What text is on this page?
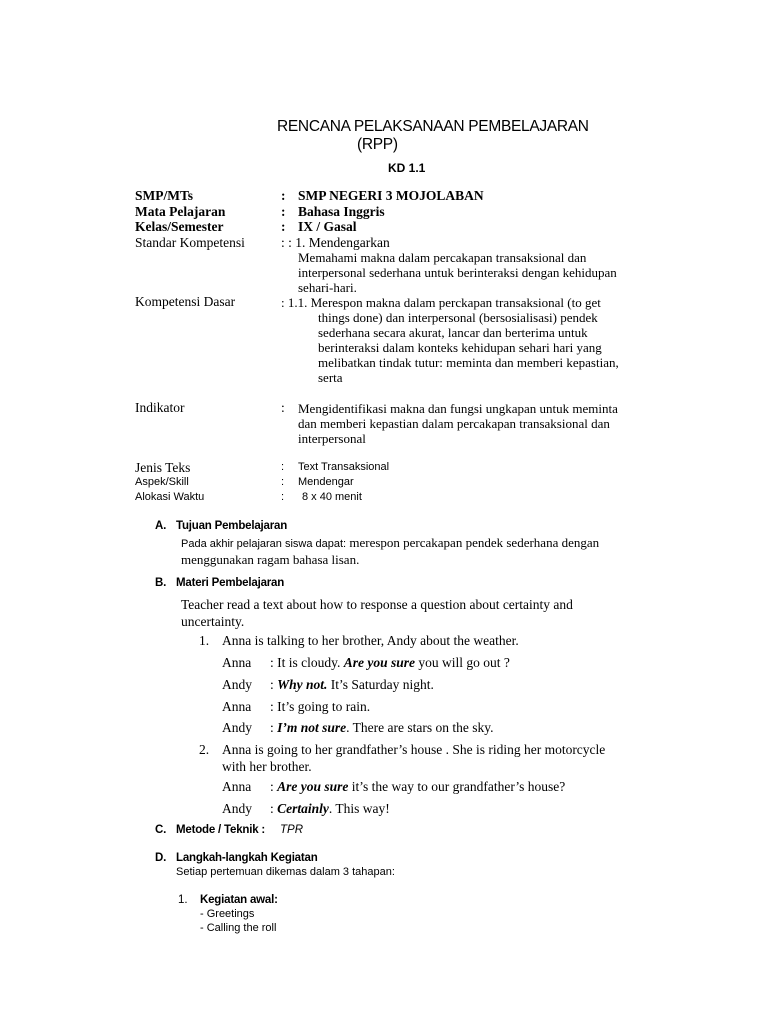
RENCANA PELAKSANAAN PEMBELAJARAN
(RPP)
KD 1.1
SMP/MTs	: SMP NEGERI 3 MOJOLABAN
Mata Pelajaran	: Bahasa Inggris
Kelas/Semester	: IX / Gasal
Standar Kompetensi	: : 1. Mendengarkan
Memahami makna dalam percakapan transaksional dan
interpersonal sederhana untuk berinteraksi dengan kehidupan
sehari-hari.
Kompetensi Dasar	: 1.1. Merespon makna dalam perckapan transaksional (to get
things done) dan interpersonal (bersosialisasi) pendek
sederhana secara akurat, lancar dan berterima untuk
berinteraksi dalam konteks kehidupan sehari hari yang
melibatkan tindak tutur: meminta dan memberi kepastian,
serta
Indikator	: Mengidentifikasi makna dan fungsi ungkapan untuk meminta
dan memberi kepastian dalam percakapan transaksional dan
interpersonal
Jenis Teks	: Text Transaksional
Aspek/Skill	: Mendengar
Alokasi Waktu	: 8 x 40 menit
A. Tujuan Pembelajaran
Pada akhir pelajaran siswa dapat: merespon percakapan pendek sederhana dengan
menggunakan ragam bahasa lisan.
B. Materi Pembelajaran
Teacher read a text about how to response a question about certainty and
uncertainty.
1. Anna is talking to her brother, Andy about the weather.
Anna : It is cloudy. Are you sure you will go out ?
Andy : Why not. It’s Saturday night.
Anna : It’s going to rain.
Andy : I’m not sure. There are stars on the sky.
2. Anna is going to her grandfather’s house . She is riding her motorcycle
with her brother.
Anna : Are you sure it’s the way to our grandfather’s house?
Andy : Certainly. This way!
C. Metode / Teknik : TPR
D. Langkah-langkah Kegiatan
Setiap pertemuan dikemas dalam 3 tahapan:
1. Kegiatan awal:
- Greetings
- Calling the roll
